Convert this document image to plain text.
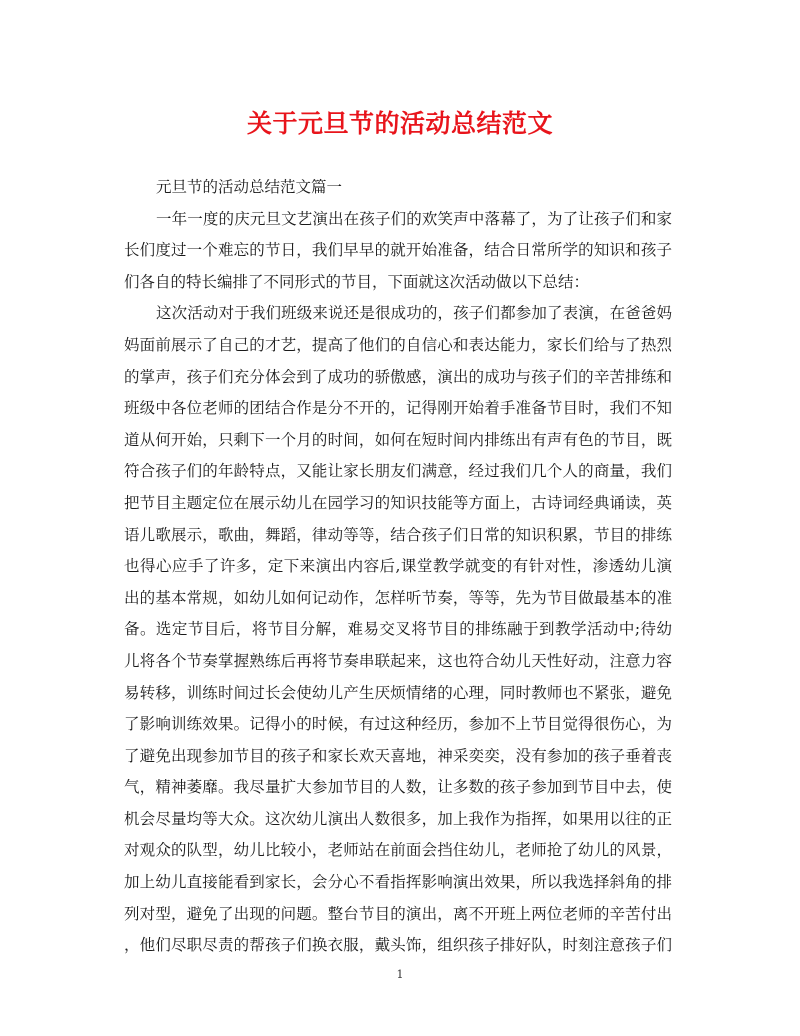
关于元旦节的活动总结范文
元旦节的活动总结范文篇一
一年一度的庆元旦文艺演出在孩子们的欢笑声中落幕了，为了让孩子们和家
长们度过一个难忘的节日，我们早早的就开始准备，结合日常所学的知识和孩子
们各自的特长编排了不同形式的节目，下面就这次活动做以下总结：
这次活动对于我们班级来说还是很成功的，孩子们都参加了表演，在爸爸妈
妈面前展示了自己的才艺，提高了他们的自信心和表达能力，家长们给与了热烈
的掌声，孩子们充分体会到了成功的骄傲感，演出的成功与孩子们的辛苦排练和
班级中各位老师的团结合作是分不开的，记得刚开始着手准备节目时，我们不知
道从何开始，只剩下一个月的时间，如何在短时间内排练出有声有色的节目，既
符合孩子们的年龄特点，又能让家长朋友们满意，经过我们几个人的商量，我们
把节目主题定位在展示幼儿在园学习的知识技能等方面上，古诗词经典诵读，英
语儿歌展示，歌曲，舞蹈，律动等等，结合孩子们日常的知识积累，节目的排练
也得心应手了许多，定下来演出内容后,课堂教学就变的有针对性，渗透幼儿演
出的基本常规，如幼儿如何记动作，怎样听节奏，等等，先为节目做最基本的准
备。选定节目后，将节目分解，难易交叉将节目的排练融于到教学活动中;待幼
儿将各个节奏掌握熟练后再将节奏串联起来，这也符合幼儿天性好动，注意力容
易转移，训练时间过长会使幼儿产生厌烦情绪的心理，同时教师也不紧张，避免
了影响训练效果。记得小的时候，有过这种经历，参加不上节目觉得很伤心，为
了避免出现参加节目的孩子和家长欢天喜地，神采奕奕，没有参加的孩子垂着丧
气，精神萎靡。我尽量扩大参加节目的人数，让多数的孩子参加到节目中去，使
机会尽量均等大众。这次幼儿演出人数很多，加上我作为指挥，如果用以往的正
对观众的队型，幼儿比较小，老师站在前面会挡住幼儿，老师抢了幼儿的风景，
加上幼儿直接能看到家长，会分心不看指挥影响演出效果，所以我选择斜角的排
列对型，避免了出现的问题。整台节目的演出，离不开班上两位老师的辛苦付出
，他们尽职尽责的帮孩子们换衣服，戴头饰，组织孩子排好队，时刻注意孩子们
1
